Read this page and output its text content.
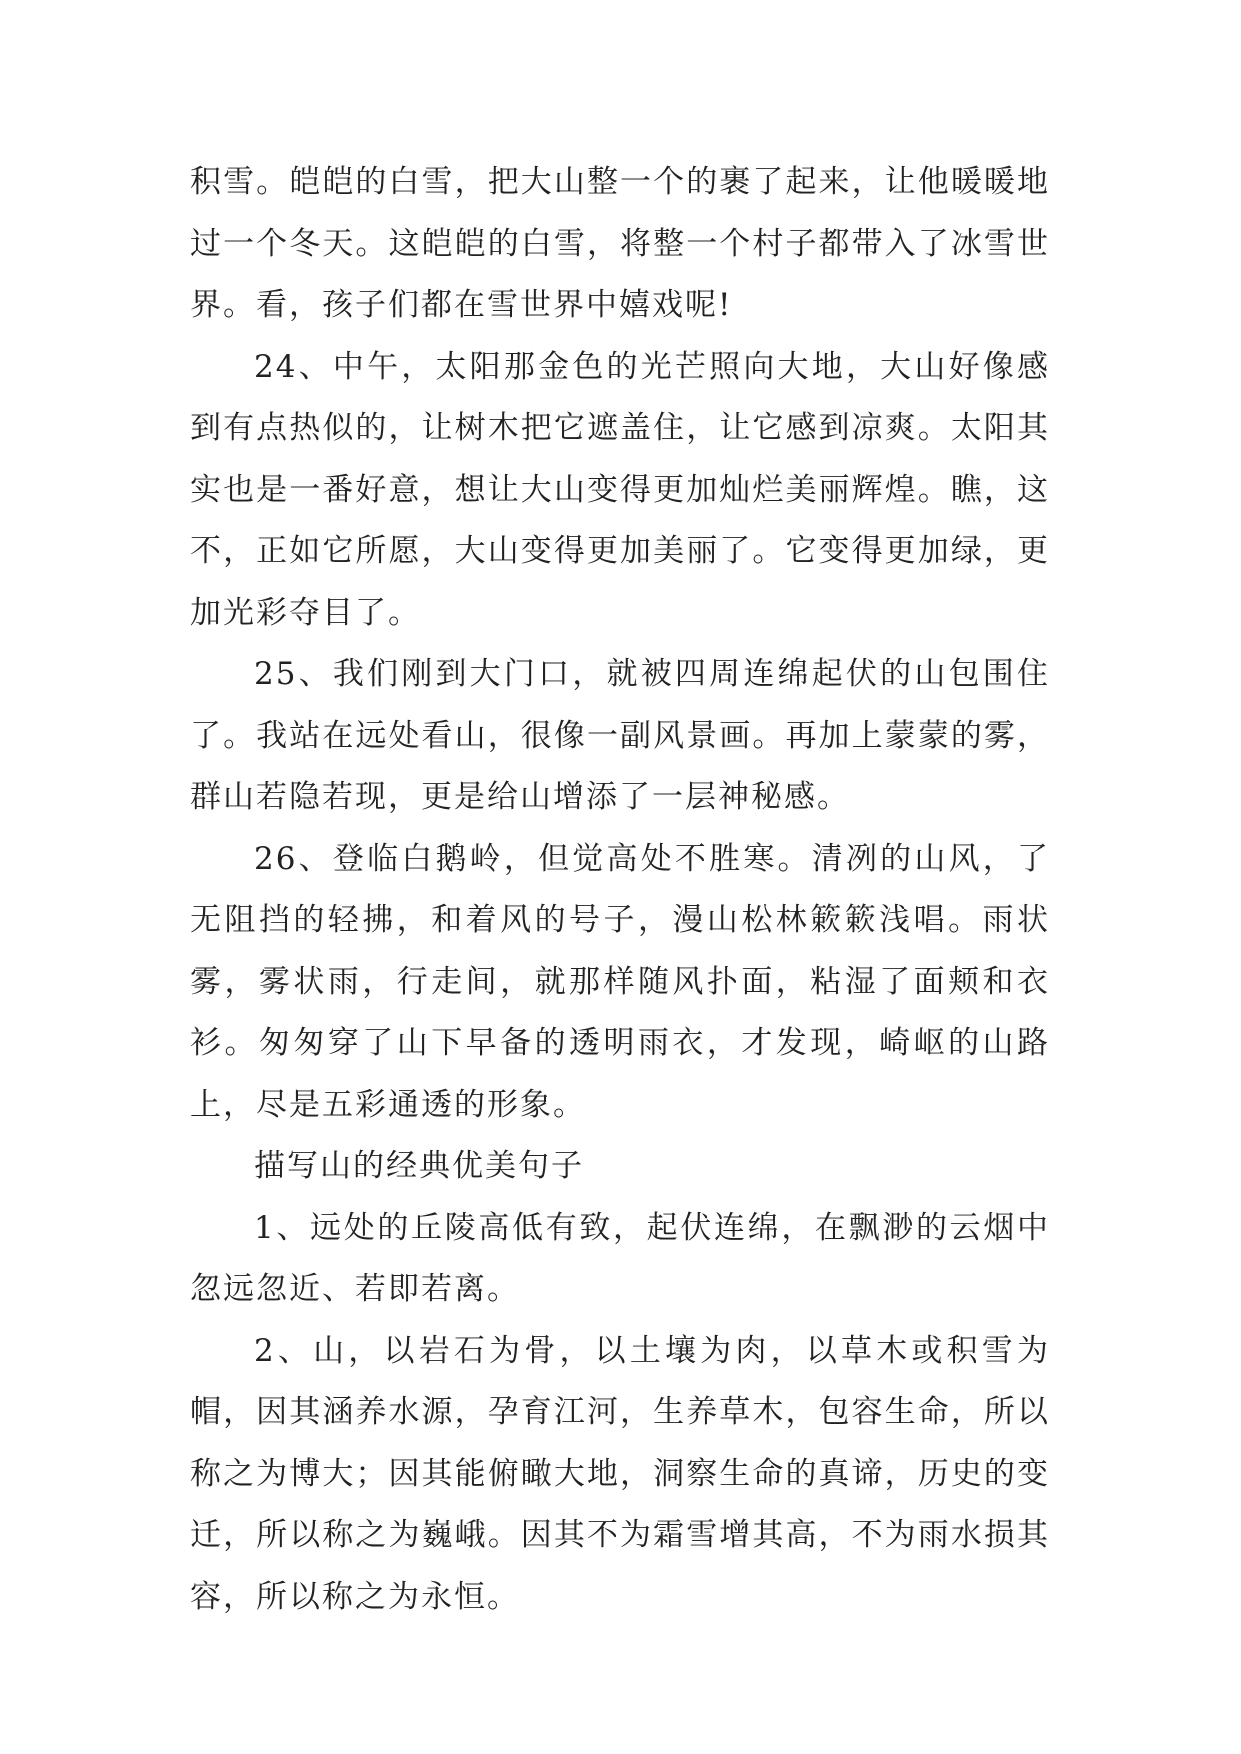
积雪。皑皑的白雪，把大山整一个的裹了起来，让他暖暖地过一个冬天。这皑皑的白雪，将整一个村子都带入了冰雪世界。看，孩子们都在雪世界中嬉戏呢!

24、中午，太阳那金色的光芒照向大地，大山好像感到有点热似的，让树木把它遮盖住，让它感到凉爽。太阳其实也是一番好意，想让大山变得更加灿烂美丽辉煌。瞧，这不，正如它所愿，大山变得更加美丽了。它变得更加绿，更加光彩夺目了。

25、我们刚到大门口，就被四周连绵起伏的山包围住了。我站在远处看山，很像一副风景画。再加上蒙蒙的雾，群山若隐若现，更是给山增添了一层神秘感。

26、登临白鹅岭，但觉高处不胜寒。清冽的山风，了无阻挡的轻拂，和着风的号子，漫山松林簌簌浅唱。雨状雾，雾状雨，行走间，就那样随风扑面，粘湿了面颊和衣衫。匆匆穿了山下早备的透明雨衣，才发现，崎岖的山路上，尽是五彩通透的形象。

描写山的经典优美句子

1、远处的丘陵高低有致，起伏连绵，在飘渺的云烟中忽远忽近、若即若离。

2、山，以岩石为骨，以土壤为肉，以草木或积雪为帽，因其涵养水源，孕育江河，生养草木，包容生命，所以称之为博大；因其能俯瞰大地，洞察生命的真谛，历史的变迁，所以称之为巍峨。因其不为霜雪增其高，不为雨水损其容，所以称之为永恒。
